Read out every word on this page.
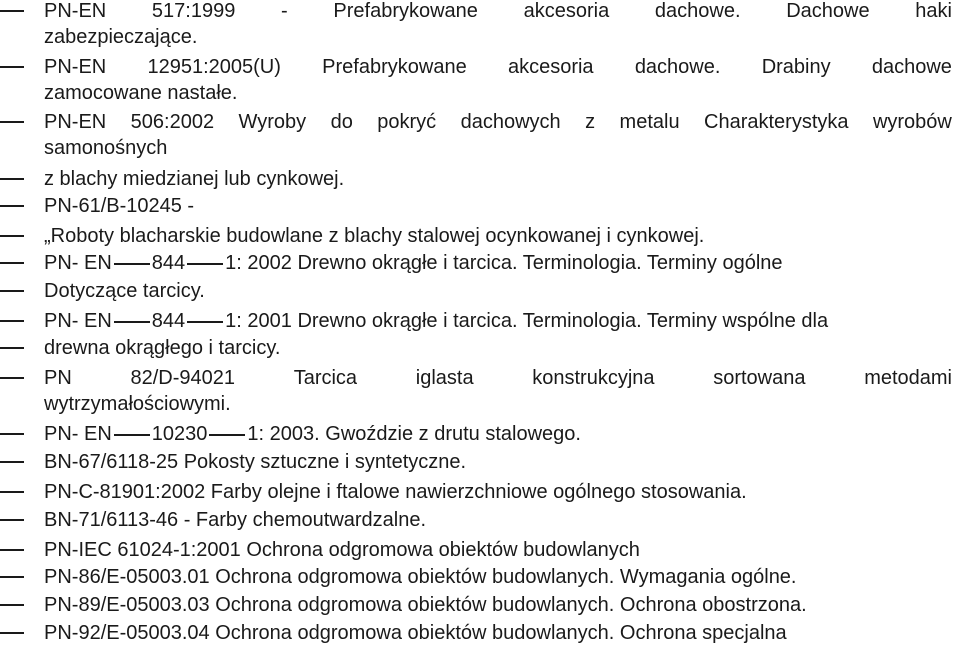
PN-EN 517:1999 - Prefabrykowane akcesoria dachowe. Dachowe haki
zabezpieczające.
PN-EN 12951:2005(U) Prefabrykowane akcesoria dachowe. Drabiny dachowe
zamocowane nastałe.
PN-EN 506:2002 Wyroby do pokryć dachowych z metalu Charakterystyka wyrobów
samonośnych
z blachy miedzianej lub cynkowej.
PN-61/B-10245 -
„Roboty blacharskie budowlane z blachy stalowej ocynkowanej i cynkowej.
PN- EN 844 1: 2002 Drewno okrągłe i tarcica. Terminologia. Terminy ogólne
Dotyczące tarcicy.
PN- EN 844 1: 2001 Drewno okrągłe i tarcica. Terminologia. Terminy wspólne dla
drewna okrągłego i tarcicy.
PN	82/D-94021	Tarcica	iglasta	konstrukcyjna	sortowana	metodami
wytrzymałościowymi.
PN- EN 10230 1: 2003. Gwoździe z drutu stalowego.
BN-67/6118-25 Pokosty sztuczne i syntetyczne.
PN-C-81901:2002 Farby olejne i ftalowe nawierzchniowe ogólnego stosowania.
BN-71/6113-46 - Farby chemoutwardzalne.
PN-IEC 61024-1:2001 Ochrona odgromowa obiektów budowlanych
PN-86/E-05003.01 Ochrona odgromowa obiektów budowlanych. Wymagania ogólne.
PN-89/E-05003.03 Ochrona odgromowa obiektów budowlanych. Ochrona obostrzona.
PN-92/E-05003.04 Ochrona odgromowa obiektów budowlanych. Ochrona specjalna
